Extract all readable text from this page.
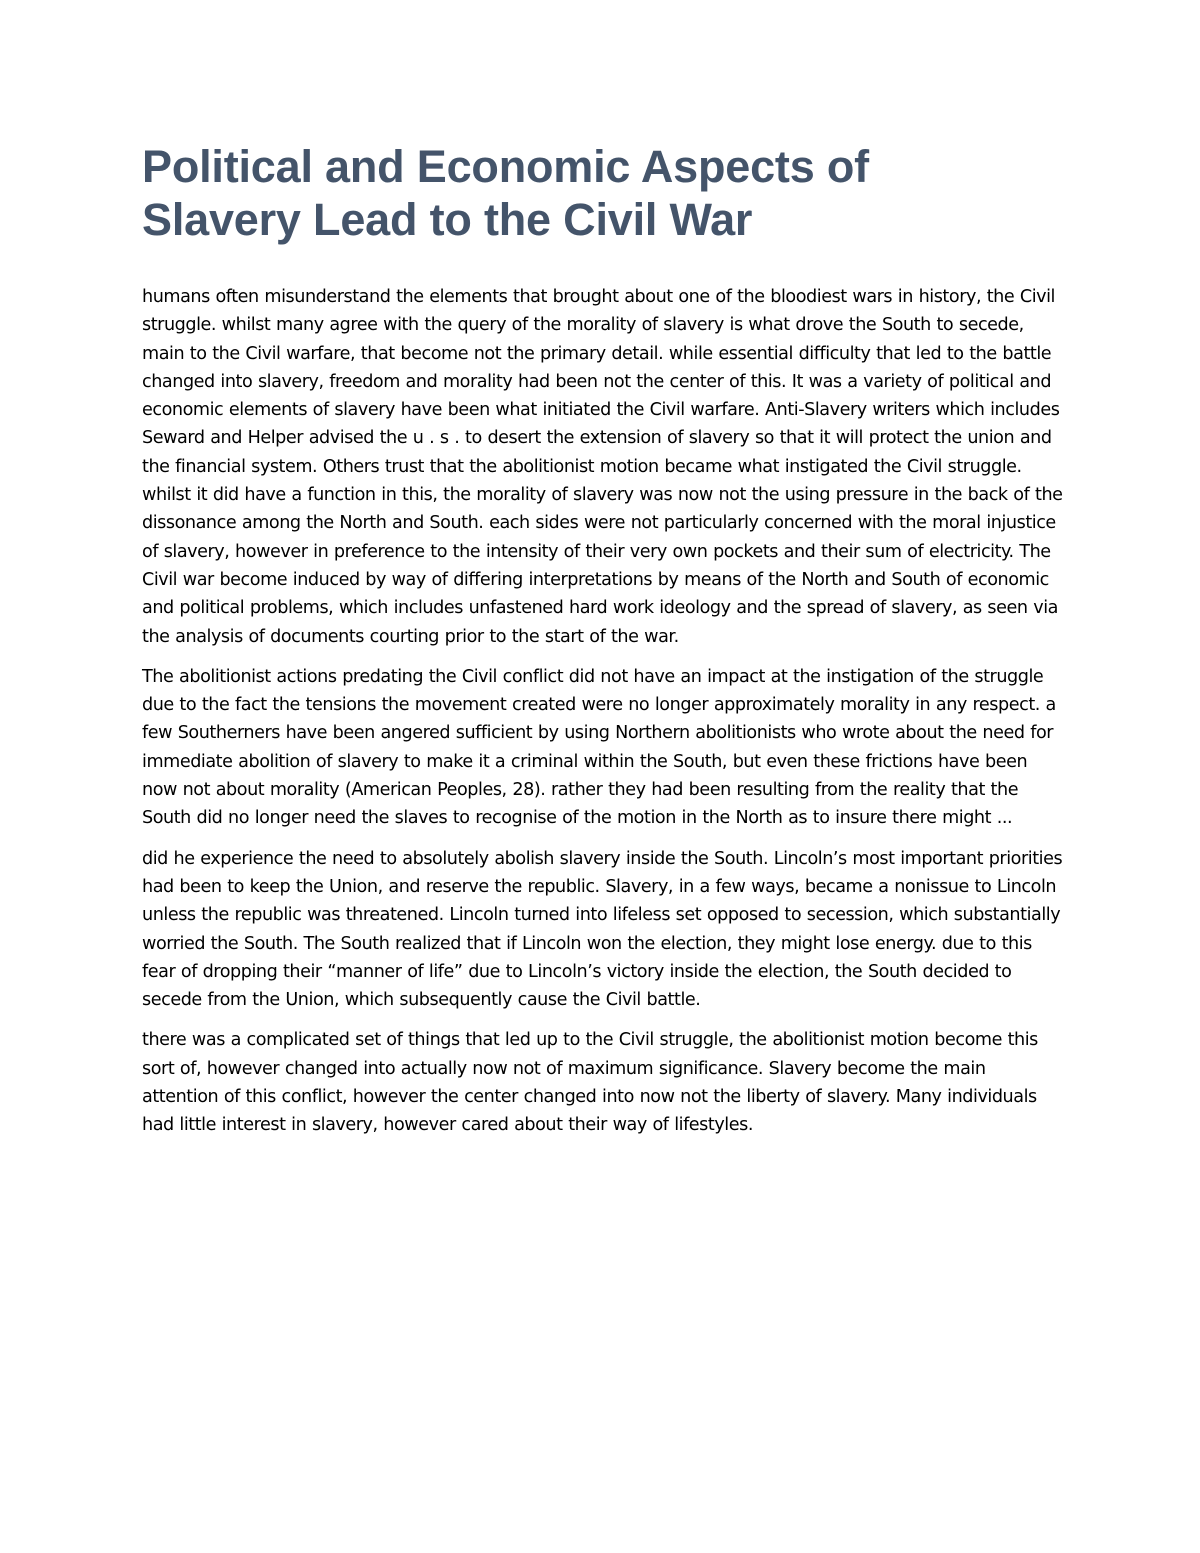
Political and Economic Aspects of
Slavery Lead to the Civil War

humans often misunderstand the elements that brought about one of the bloodiest wars in history, the Civil struggle. whilst many agree with the query of the morality of slavery is what drove the South to secede, main to the Civil warfare, that become not the primary detail. while essential difficulty that led to the battle changed into slavery, freedom and morality had been not the center of this. It was a variety of political and economic elements of slavery have been what initiated the Civil warfare. Anti-Slavery writers which includes Seward and Helper advised the u . s . to desert the extension of slavery so that it will protect the union and the financial system. Others trust that the abolitionist motion became what instigated the Civil struggle. whilst it did have a function in this, the morality of slavery was now not the using pressure in the back of the dissonance among the North and South. each sides were not particularly concerned with the moral injustice of slavery, however in preference to the intensity of their very own pockets and their sum of electricity. The Civil war become induced by way of differing interpretations by means of the North and South of economic and political problems, which includes unfastened hard work ideology and the spread of slavery, as seen via the analysis of documents courting prior to the start of the war.

The abolitionist actions predating the Civil conflict did not have an impact at the instigation of the struggle due to the fact the tensions the movement created were no longer approximately morality in any respect. a few Southerners have been angered sufficient by using Northern abolitionists who wrote about the need for immediate abolition of slavery to make it a criminal within the South, but even these frictions have been now not about morality (American Peoples, 28). rather they had been resulting from the reality that the South did no longer need the slaves to recognise of the motion in the North as to insure there might ...

did he experience the need to absolutely abolish slavery inside the South. Lincoln’s most important priorities had been to keep the Union, and reserve the republic. Slavery, in a few ways, became a nonissue to Lincoln unless the republic was threatened. Lincoln turned into lifeless set opposed to secession, which substantially worried the South. The South realized that if Lincoln won the election, they might lose energy. due to this fear of dropping their “manner of life” due to Lincoln’s victory inside the election, the South decided to secede from the Union, which subsequently cause the Civil battle.

there was a complicated set of things that led up to the Civil struggle, the abolitionist motion become this sort of, however changed into actually now not of maximum significance. Slavery become the main attention of this conflict, however the center changed into now not the liberty of slavery. Many individuals had little interest in slavery, however cared about their way of lifestyles.
